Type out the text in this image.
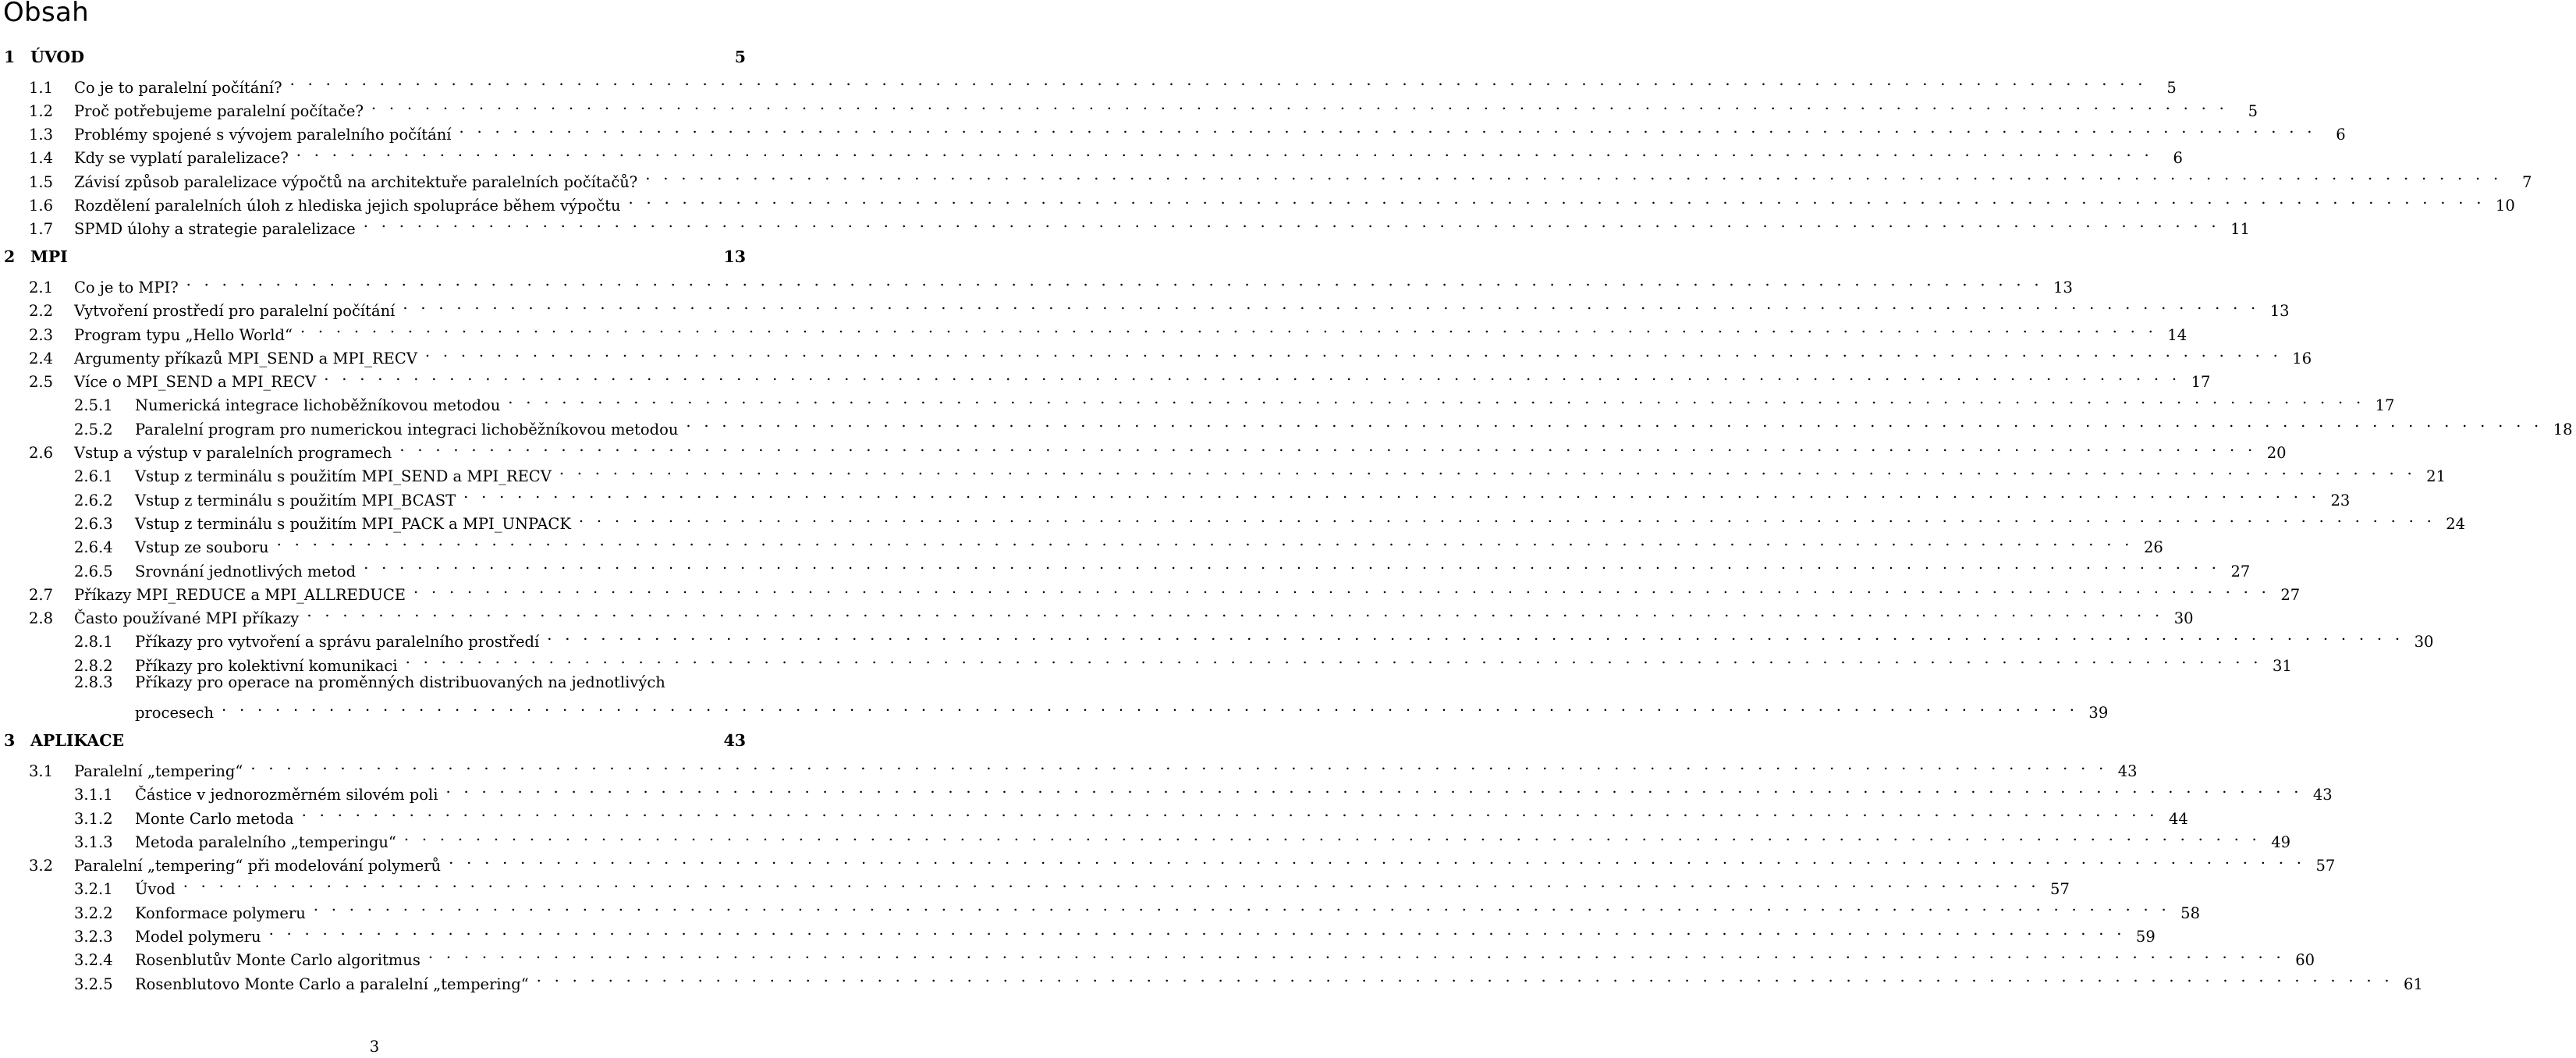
Obsah
1 ÚVOD	5
1.1	Co je to paralelní počítání? . . .	5
1.2	Proč potřebujeme paralelní počítače? . . .	5
1.3	Problémy spojené s vývojem paralelního počítání . . .	6
1.4	Kdy se vyplatí paralelizace? . . .	6
1.5	Závisí způsob paralelizace výpočtů na architektuře paralelních počítačů? . . .	7
1.6	Rozdělení paralelních úloh z hlediska jejich spolupráce během výpočtu . . .	10
1.7	SPMD úlohy a strategie paralelizace . . .	11
2 MPI	13
2.1	Co je to MPI? . . .	13
2.2	Vytvoření prostředí pro paralelní počítání . . .	13
2.3	Program typu „Hello World“ . . .	14
2.4	Argumenty příkazů MPI_SEND a MPI_RECV . . .	16
2.5	Více o MPI_SEND a MPI_RECV . . .	17
2.5.1	Numerická integrace lichoběžníkovou metodou . . .	17
2.5.2	Paralelní program pro numerickou integraci lichoběžníkovou metodou . . .	18
2.6	Vstup a výstup v paralelních programech . . .	20
2.6.1	Vstup z terminálu s použitím MPI_SEND a MPI_RECV . . .	21
2.6.2	Vstup z terminálu s použitím MPI_BCAST . . .	23
2.6.3	Vstup z terminálu s použitím MPI_PACK a MPI_UNPACK . . .	24
2.6.4	Vstup ze souboru . . .	26
2.6.5	Srovnání jednotlivých metod . . .	27
2.7	Příkazy MPI_REDUCE a MPI_ALLREDUCE . . .	27
2.8	Často používané MPI příkazy . . .	30
2.8.1	Příkazy pro vytvoření a správu paralelního prostředí . . .	30
2.8.2	Příkazy pro kolektivní komunikaci . . .	31
2.8.3	Příkazy pro operace na proměnných distribuovaných na jednotlivých
procesech . . .	39
3 APLIKACE	43
3.1	Paralelní „tempering“ . . .	43
3.1.1	Částice v jednorozměrném silovém poli . . .	43
3.1.2	Monte Carlo metoda . . .	44
3.1.3	Metoda paralelního „temperingu“ . . .	49
3.2	Paralelní „tempering“ při modelování polymerů . . .	57
3.2.1	Úvod . . .	57
3.2.2	Konformace polymeru . . .	58
3.2.3	Model polymeru . . .	59
3.2.4	Rosenblutův Monte Carlo algoritmus . . .	60
3.2.5	Rosenblutovo Monte Carlo a paralelní „tempering“ . . .	61
3
